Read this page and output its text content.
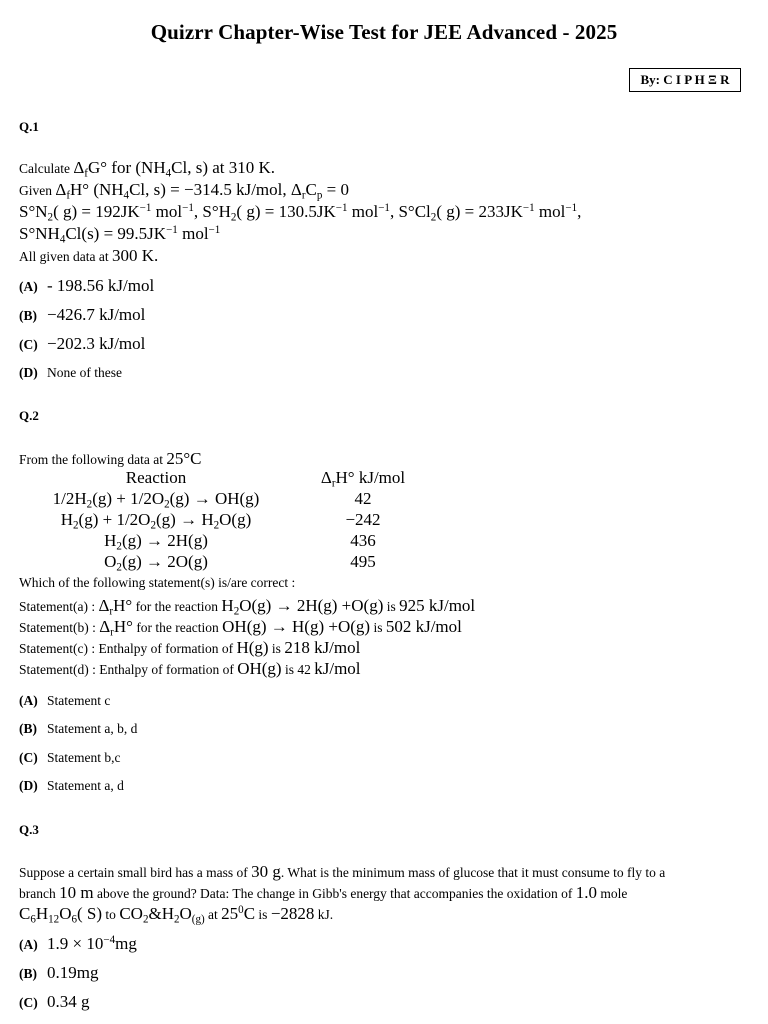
Quizrr Chapter-Wise Test for JEE Advanced - 2025
By: C I P H Ξ R
Q.1
Calculate $\Delta_fG^\circ$ for ($NH_4Cl$, s) at 310 K.
Given $\Delta_fH^\circ$ ($NH_4Cl$, s) = −314.5 kJ/mol, $\Delta_rC_p = 0$
$S^\circ N_2$( $g) = 192JK^{-1}$ mol$^{-1}$, $S^\circ H_2$( $g) = 130.5JK^{-1}$ mol$^{-1}$, $S^\circ Cl_2$( $g) = 233JK^{-1}$ mol$^{-1}$,
$S^\circ NH_4Cl(s) = 99.5JK^{-1}$ mol$^{-1}$
All given data at 300 K.
(A) - 198.56 kJ/mol
(B) −426.7 kJ/mol
(C) −202.3 kJ/mol
(D) None of these
Q.2
From the following data at 25°C
Reaction	$\Delta_rH^\circ$ kJ/mol
$1/2H_2(g) + 1/2O_2(g) \to OH(g)$	42
$H_2(g) + 1/2O_2(g) \to H_2O(g)$	−242
$H_2(g) \to 2H(g)$	436
$O_2(g) \to 2O(g)$	495
Which of the following statement(s) is/are correct :
Statement(a) : $\Delta_rH^\circ$ for the reaction $H_2O(g) \to 2H(g) +O(g)$ is 925 kJ/mol
Statement(b) : $\Delta_rH^\circ$ for the reaction OH(g) → H(g) +O(g) is 502 kJ/mol
Statement(c) : Enthalpy of formation of H(g) is 218 kJ/mol
Statement(d) : Enthalpy of formation of OH(g) is 42 kJ/mol
(A) Statement c
(B) Statement a, b, d
(C) Statement b,c
(D) Statement a, d
Q.3
Suppose a certain small bird has a mass of 30 g. What is the minimum mass of glucose that it must consume to fly to a
branch 10 m above the ground? Data: The change in Gibb's energy that accompanies the oxidation of 1.0 mole
$C_6H_{12}O_6$( S) to $CO_2\&H_2O_{(g)}$ at $25^0C$ is −2828 kJ.
(A) $1.9 \times 10^{-4}mg$
(B) 0.19mg
(C) 0.34 g
